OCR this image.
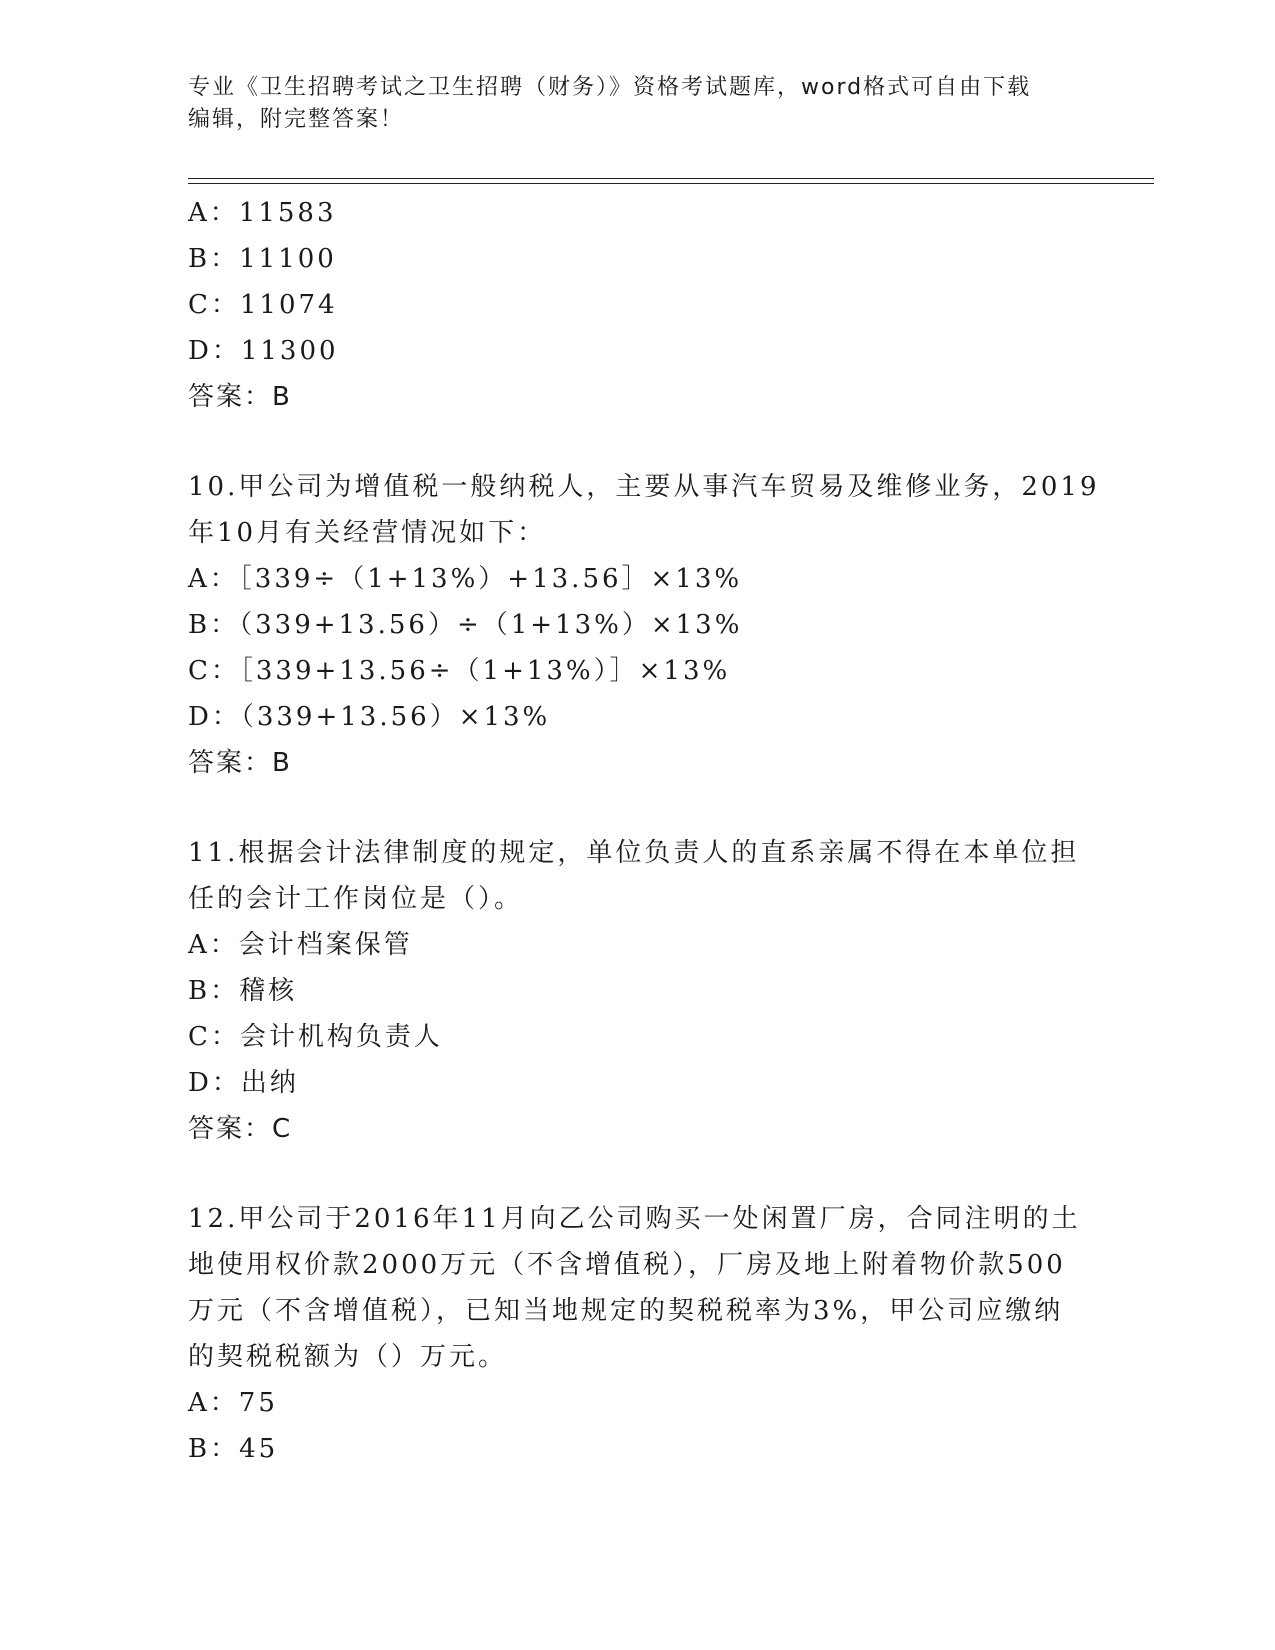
专业《卫生招聘考试之卫生招聘（财务）》资格考试题库，word格式可自由下载
编辑，附完整答案！
A：11583
B：11100
C：11074
D：11300
答案：B
10.甲公司为增值税一般纳税人，主要从事汽车贸易及维修业务，2019
年10月有关经营情况如下：
A：［339÷（1+13%）+13.56］×13%
B：（339+13.56）÷（1+13%）×13%
C：［339+13.56÷（1+13%）］×13%
D：（339+13.56）×13%
答案：B
11.根据会计法律制度的规定，单位负责人的直系亲属不得在本单位担
任的会计工作岗位是（）。
A：会计档案保管
B：稽核
C：会计机构负责人
D：出纳
答案：C
12.甲公司于2016年11月向乙公司购买一处闲置厂房，合同注明的土
地使用权价款2000万元（不含增值税），厂房及地上附着物价款500
万元（不含增值税），已知当地规定的契税税率为3%，甲公司应缴纳
的契税税额为（）万元。
A：75
B：45
